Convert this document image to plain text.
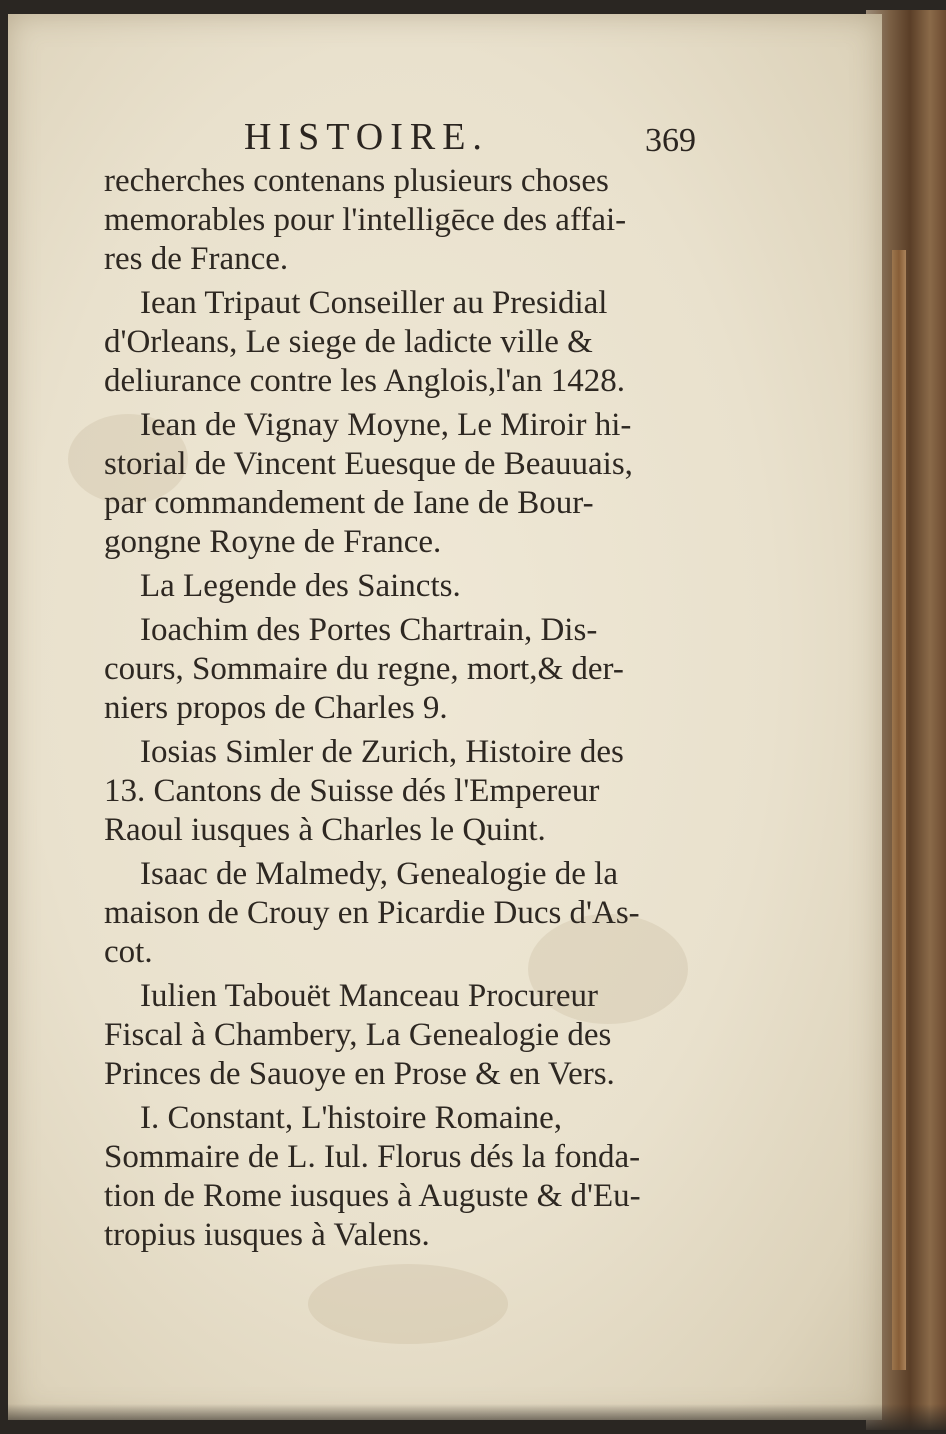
HISTOIRE.	369
recherches contenans plusieurs choses
memorables pour l'intelligēce des affai-
res de France.
Iean Tripaut Conseiller au Presidial
d'Orleans, Le siege de ladicte ville &
deliurance contre les Anglois,l'an 1428.
Iean de Vignay Moyne, Le Miroir hi-
storial de Vincent Euesque de Beauuais,
par commandement de Iane de Bour-
gongne Royne de France.
La Legende des Saincts.
Ioachim des Portes Chartrain, Dis-
cours, Sommaire du regne, mort,& der-
niers propos de Charles 9.
Iosias Simler de Zurich, Histoire des
13. Cantons de Suisse dés l'Empereur
Raoul iusques à Charles le Quint.
Isaac de Malmedy, Genealogie de la
maison de Crouy en Picardie Ducs d'As-
cot.
Iulien Tabouët Manceau Procureur
Fiscal à Chambery, La Genealogie des
Princes de Sauoye en Prose & en Vers.
I. Constant, L'histoire Romaine,
Sommaire de L. Iul. Florus dés la fonda-
tion de Rome iusques à Auguste & d'Eu-
tropius iusques à Valens.
